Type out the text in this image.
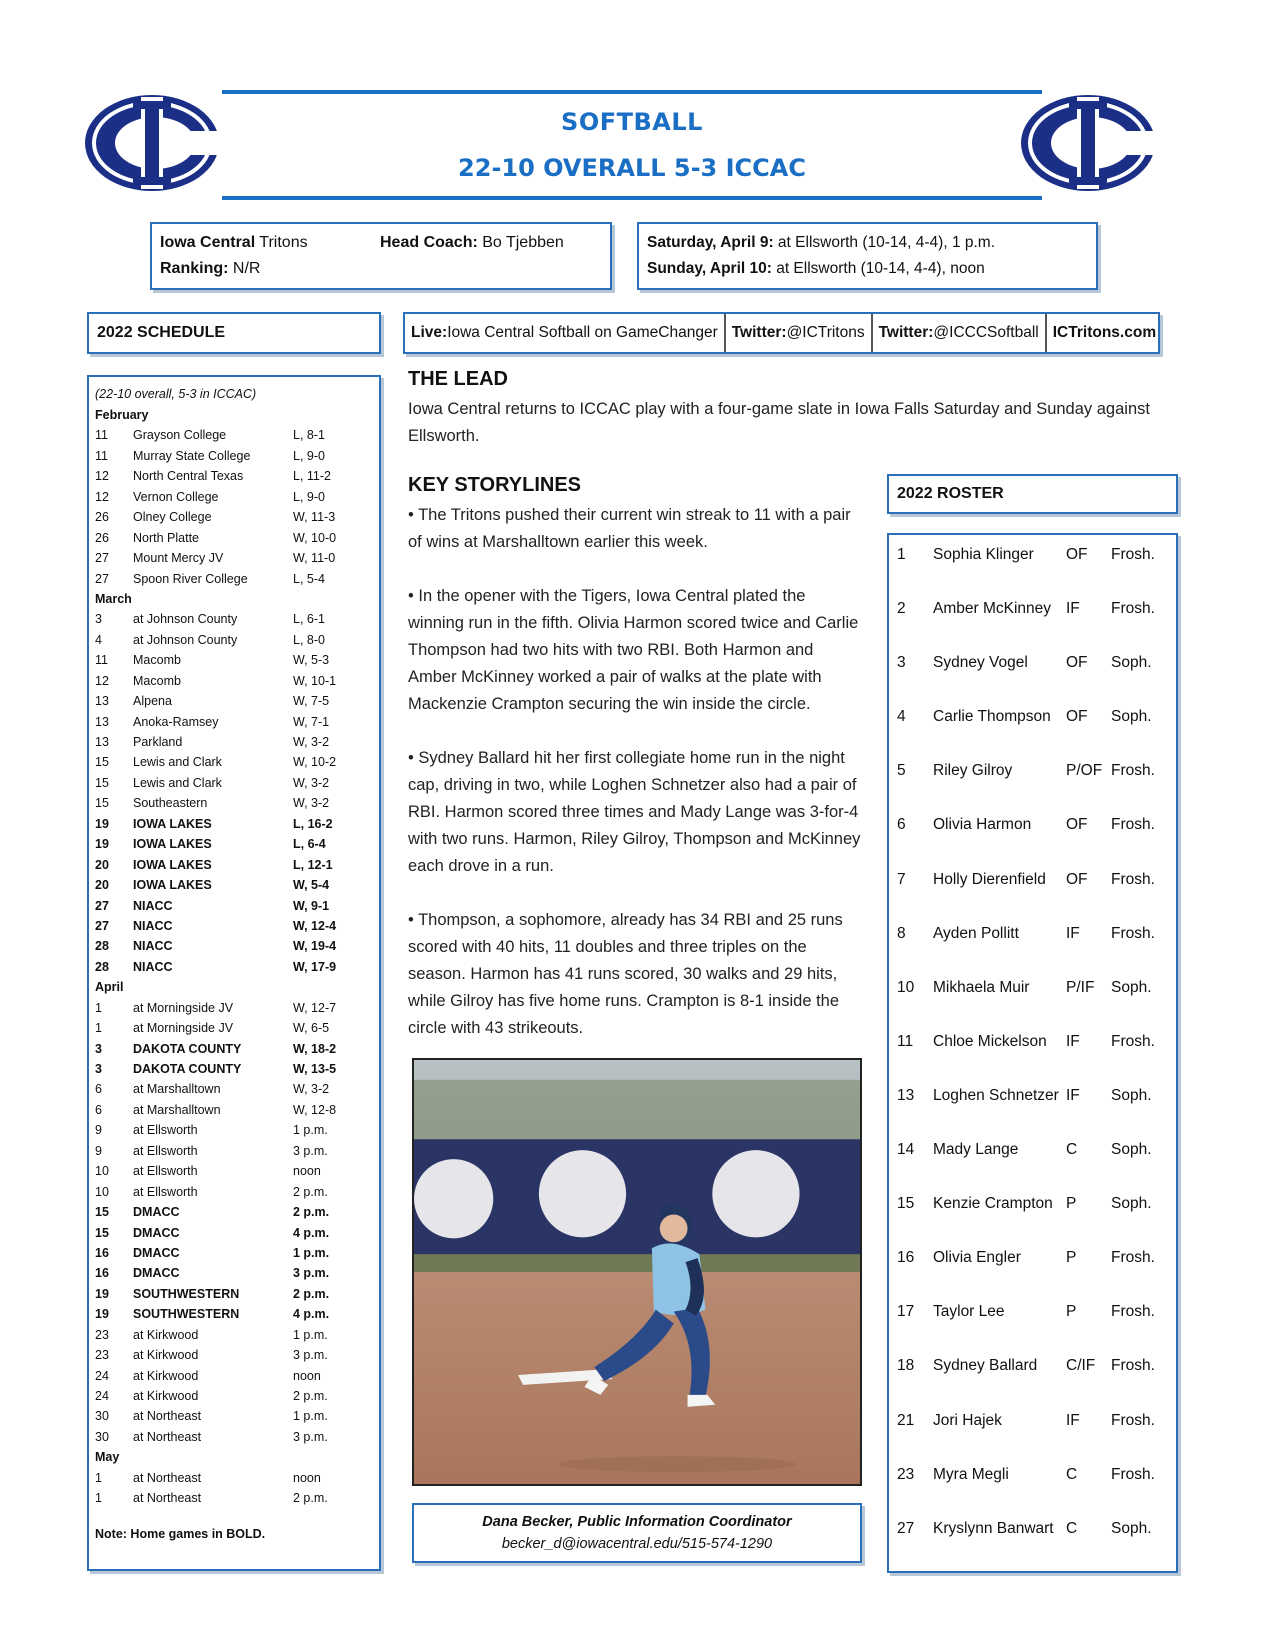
SOFTBALL
22-10 OVERALL 5-3 ICCAC
Iowa Central Tritons	Head Coach: Bo Tjebben
Ranking: N/R
Saturday, April 9: at Ellsworth (10-14, 4-4), 1 p.m.
Sunday, April 10: at Ellsworth (10-14, 4-4), noon
2022 SCHEDULE	Live: Iowa Central Softball on GameChanger Twitter: @ICTritons Twitter: @ICCCSoftball ICTritons.com
(22-10 overall, 5-3 in ICCAC)
February
11 Grayson College	L, 8-1
11 Murray State College	L, 9-0
12 North Central Texas	L, 11-2
12 Vernon College	L, 9-0
26 Olney College	W, 11-3
26 North Platte	W, 10-0
27 Mount Mercy JV	W, 11-0
27 Spoon River College	L, 5-4
March
3 at Johnson County	L, 6-1
4 at Johnson County	L, 8-0
11 Macomb	W, 5-3
12 Macomb	W, 10-1
13 Alpena	W, 7-5
13 Anoka-Ramsey	W, 7-1
13 Parkland	W, 3-2
15 Lewis and Clark	W, 10-2
15 Lewis and Clark	W, 3-2
15 Southeastern	W, 3-2
19 IOWA LAKES	L, 16-2
19 IOWA LAKES	L, 6-4
20 IOWA LAKES	L, 12-1
20 IOWA LAKES	W, 5-4
27 NIACC	W, 9-1
27 NIACC	W, 12-4
28 NIACC	W, 19-4
28 NIACC	W, 17-9
April
1 at Morningside JV	W, 12-7
1 at Morningside JV	W, 6-5
3 DAKOTA COUNTY	W, 18-2
3 DAKOTA COUNTY	W, 13-5
6 at Marshalltown	W, 3-2
6 at Marshalltown	W, 12-8
9 at Ellsworth	1 p.m.
9 at Ellsworth	3 p.m.
10 at Ellsworth	noon
10 at Ellsworth	2 p.m.
15 DMACC	2 p.m.
15 DMACC	4 p.m.
16 DMACC	1 p.m.
16 DMACC	3 p.m.
19 SOUTHWESTERN	2 p.m.
19 SOUTHWESTERN	4 p.m.
23 at Kirkwood	1 p.m.
23 at Kirkwood	3 p.m.
24 at Kirkwood	noon
24 at Kirkwood	2 p.m.
30 at Northeast	1 p.m.
30 at Northeast	3 p.m.
May
1 at Northeast	noon
1 at Northeast	2 p.m.
Note: Home games in BOLD.
THE LEAD
Iowa Central returns to ICCAC play with a four-game slate in Iowa Falls Saturday and Sunday against Ellsworth.
KEY STORYLINES

• The Tritons pushed their current win streak to 11 with a pair of wins at Marshalltown earlier this week.

• In the opener with the Tigers, Iowa Central plated the winning run in the fifth. Olivia Harmon scored twice and Carlie Thompson had two hits with two RBI. Both Harmon and Amber McKinney worked a pair of walks at the plate with Mackenzie Crampton securing the win inside the circle.

• Sydney Ballard hit her first collegiate home run in the night cap, driving in two, while Loghen Schnetzer also had a pair of RBI. Harmon scored three times and Mady Lange was 3-for-4 with two runs. Harmon, Riley Gilroy, Thompson and McKinney each drove in a run.

• Thompson, a sophomore, already has 34 RBI and 25 runs scored with 40 hits, 11 doubles and three triples on the season. Harmon has 41 runs scored, 30 walks and 29 hits, while Gilroy has five home runs. Crampton is 8-1 inside the circle with 43 strikeouts.

Dana Becker, Public Information Coordinator
becker_d@iowacentral.edu/515-574-1290
2022 ROSTER
1 Sophia Klinger OF Frosh.
2 Amber McKinney IF Frosh.
3 Sydney Vogel OF Soph.
4 Carlie Thompson OF Soph.
5 Riley Gilroy	P/OF Frosh.
6 Olivia Harmon OF Frosh.
7 Holly Dierenfield OF Frosh.
8 Ayden Pollitt	IF Frosh.
10 Mikhaela Muir P/IF Soph.
11 Chloe Mickelson IF Frosh.
13 Loghen Schnetzer IF Soph.
14 Mady Lange	C Soph.
15 Kenzie Crampton P Soph.
16 Olivia Engler	P Frosh.
17 Taylor Lee	P Frosh.
18 Sydney Ballard C/IF Frosh.
21 Jori Hajek	IF Frosh.
23 Myra Megli	C Frosh.
27 Kryslynn Banwart C Soph.
